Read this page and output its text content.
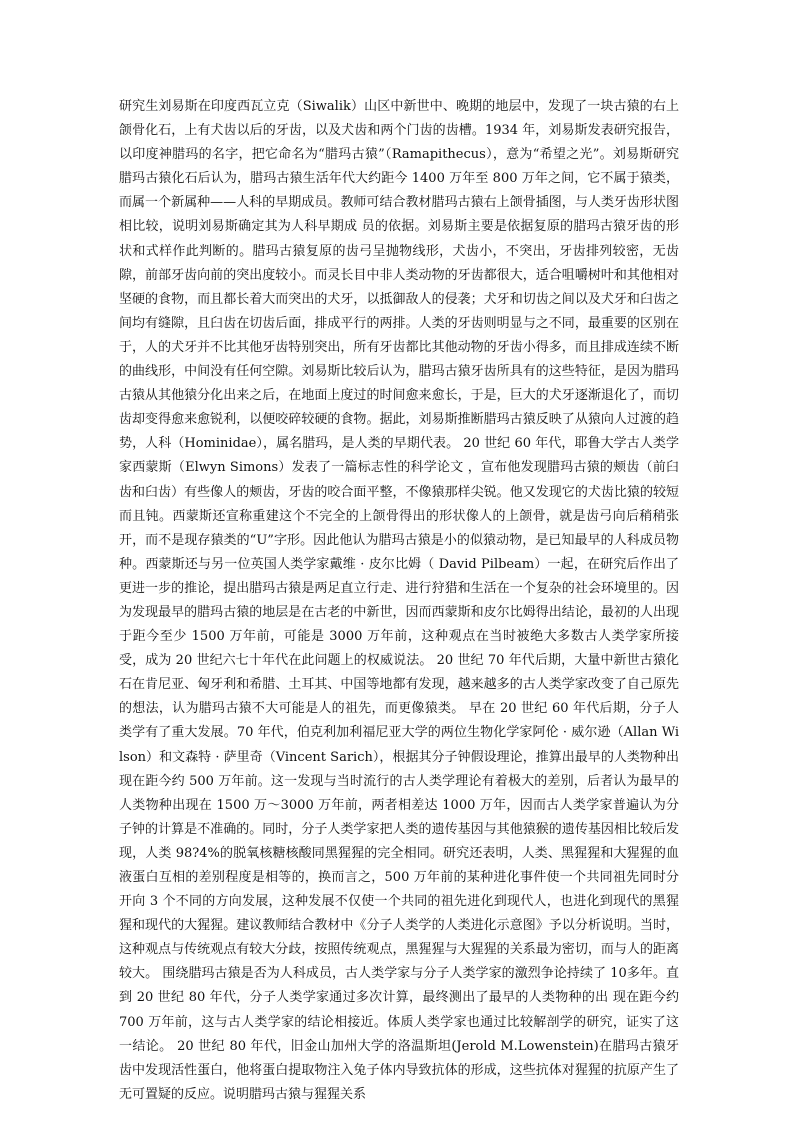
研究生刘易斯在印度西瓦立克（Siwalik）山区中新世中、晚期的地层中，发现了一块古猿的右上颌骨化石，上有犬齿以后的牙齿，以及犬齿和两个门齿的齿槽。1934 年，刘易斯发表研究报告，以印度神腊玛的名字，把它命名为“腊玛古猿”（Ramapithecus），意为“希望之光”。刘易斯研究腊玛古猿化石后认为，腊玛古猿生活年代大约距今 1400 万年至 800 万年之间，它不属于猿类，而属一个新属种——人科的早期成员。教师可结合教材腊玛古猿右上颌骨插图，与人类牙齿形状图相比较，说明刘易斯确定其为人科早期成 员的依据。刘易斯主要是依据复原的腊玛古猿牙齿的形状和式样作此判断的。腊玛古猿复原的齿弓呈抛物线形，犬齿小，不突出，牙齿排列较密，无齿隙，前部牙齿向前的突出度较小。而灵长目中非人类动物的牙齿都很大，适合咀嚼树叶和其他相对坚硬的食物，而且都长着大而突出的犬牙，以抵御敌人的侵袭；犬牙和切齿之间以及犬牙和臼齿之间均有缝隙，且臼齿在切齿后面，排成平行的两排。人类的牙齿则明显与之不同，最重要的区别在于，人的犬牙并不比其他牙齿特别突出，所有牙齿都比其他动物的牙齿小得多，而且排成连续不断的曲线形，中间没有任何空隙。刘易斯比较后认为，腊玛古猿牙齿所具有的这些特征，是因为腊玛古猿从其他猿分化出来之后，在地面上度过的时间愈来愈长，于是，巨大的犬牙逐渐退化了，而切齿却变得愈来愈锐利，以便咬碎较硬的食物。据此，刘易斯推断腊玛古猿反映了从猿向人过渡的趋势，人科（Hominidae），属名腊玛，是人类的早期代表。 20 世纪 60 年代，耶鲁大学古人类学家西蒙斯（Elwyn Simons）发表了一篇标志性的科学论文 ，宣布他发现腊玛古猿的颊齿（前臼齿和臼齿）有些像人的颊齿，牙齿的咬合面平整，不像猿那样尖锐。他又发现它的犬齿比猿的较短而且钝。西蒙斯还宣称重建这个不完全的上颌骨得出的形状像人的上颌骨，就是齿弓向后稍稍张开，而不是现存猿类的“U”字形。因此他认为腊玛古猿是小的似猿动物，是已知最早的人科成员物种。西蒙斯还与另一位英国人类学家戴维 · 皮尔比姆（ David Pilbeam）一起，在研究后作出了更进一步的推论，提出腊玛古猿是两足直立行走、进行狩猎和生活在一个复杂的社会环境里的。因为发现最早的腊玛古猿的地层是在古老的中新世，因而西蒙斯和皮尔比姆得出结论，最初的人出现于距今至少 1500 万年前，可能是 3000 万年前，这种观点在当时被绝大多数古人类学家所接受，成为 20 世纪六七十年代在此问题上的权威说法。 20 世纪 70 年代后期，大量中新世古猿化石在肯尼亚、匈牙利和希腊、土耳其、中国等地都有发现，越来越多的古人类学家改变了自己原先的想法，认为腊玛古猿不大可能是人的祖先，而更像猿类。 早在 20 世纪 60 年代后期，分子人类学有了重大发展。70 年代，伯克利加利福尼亚大学的两位生物化学家阿伦 · 威尔逊（Allan Wilson）和文森特 · 萨里奇（Vincent Sarich），根据其分子钟假设理论，推算出最早的人类物种出现在距今约 500 万年前。这一发现与当时流行的古人类学理论有着极大的差别，后者认为最早的人类物种出现在 1500 万～3000 万年前，两者相差达 1000 万年，因而古人类学家普遍认为分子钟的计算是不准确的。同时，分子人类学家把人类的遗传基因与其他猿猴的遗传基因相比较后发现，人类 98?4%的脱氧核糖核酸同黑猩猩的完全相同。研究还表明，人类、黑猩猩和大猩猩的血液蛋白互相的差别程度是相等的，换而言之，500 万年前的某种进化事件使一个共同祖先同时分开向 3 个不同的方向发展，这种发展不仅使一个共同的祖先进化到现代人，也进化到现代的黑猩猩和现代的大猩猩。建议教师结合教材中《分子人类学的人类进化示意图》予以分析说明。当时，这种观点与传统观点有较大分歧，按照传统观点，黑猩猩与大猩猩的关系最为密切，而与人的距离较大。 围绕腊玛古猿是否为人科成员，古人类学家与分子人类学家的激烈争论持续了 10多年。直到 20 世纪 80 年代，分子人类学家通过多次计算，最终测出了最早的人类物种的出 现在距今约 700 万年前，这与古人类学家的结论相接近。体质人类学家也通过比较解剖学的研究，证实了这一结论。 20 世纪 80 年代，旧金山加州大学的洛温斯坦(Jerold M.Lowenstein)在腊玛古猿牙齿中发现活性蛋白，他将蛋白提取物注入兔子体内导致抗体的形成，这些抗体对猩猩的抗原产生了无可置疑的反应。说明腊玛古猿与猩猩关系
